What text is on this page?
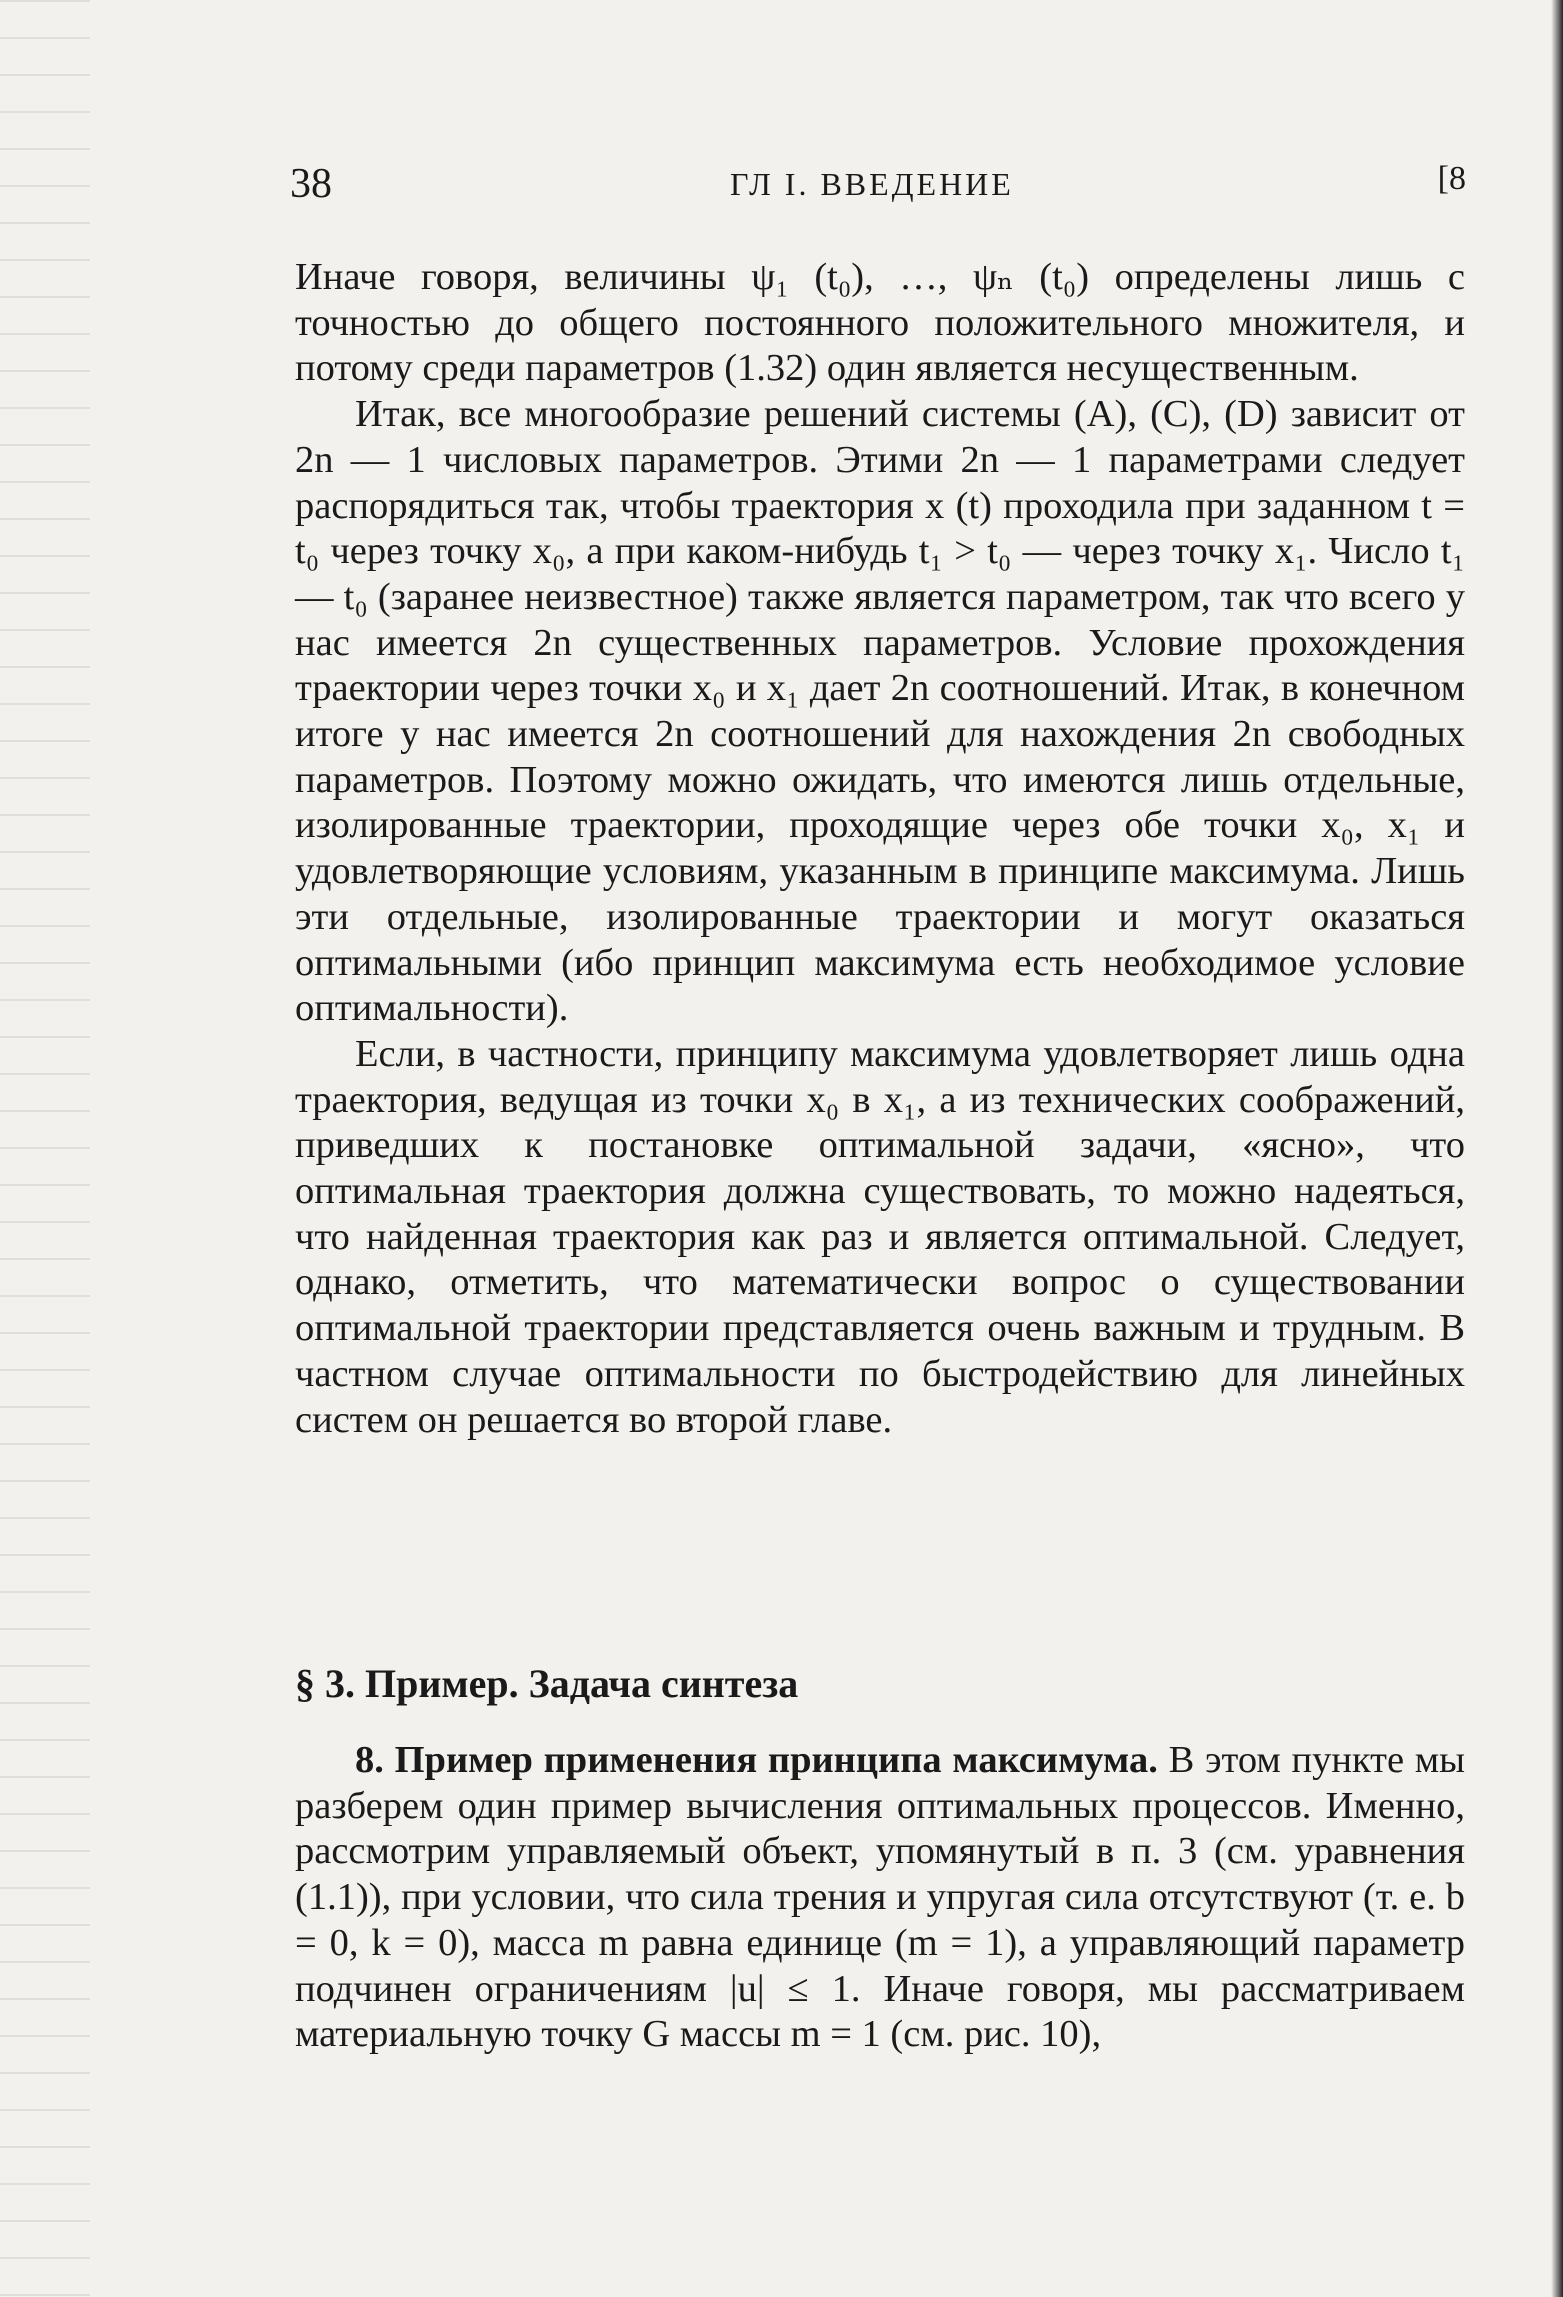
38	ГЛ І. ВВЕДЕНИЕ	[8

Иначе говоря, величины ψ₁ (t₀), …, ψₙ (t₀) определены лишь с точностью до общего постоянного положительного множителя, и потому среди параметров (1.32) один является несущественным.

Итак, все многообразие решений системы (А), (С), (D) зависит от 2n — 1 числовых параметров. Этими 2n — 1 параметрами следует распорядиться так, чтобы траектория x (t) проходила при заданном t = t₀ через точку x₀, а при каком-нибудь t₁ > t₀ — через точку x₁. Число t₁ — t₀ (заранее неизвестное) также является параметром, так что всего у нас имеется 2n существенных параметров. Условие прохождения траектории через точки x₀ и x₁ дает 2n соотношений. Итак, в конечном итоге у нас имеется 2n соотношений для нахождения 2n свободных параметров. Поэтому можно ожидать, что имеются лишь отдельные, изолированные траектории, проходящие через обе точки x₀, x₁ и удовлетворяющие условиям, указанным в принципе максимума. Лишь эти отдельные, изолированные траектории и могут оказаться оптимальными (ибо принцип максимума есть необходимое условие оптимальности).

Если, в частности, принципу максимума удовлетворяет лишь одна траектория, ведущая из точки x₀ в x₁, а из технических соображений, приведших к постановке оптимальной задачи, «ясно», что оптимальная траектория должна существовать, то можно надеяться, что найденная траектория как раз и является оптимальной. Следует, однако, отметить, что математически вопрос о существовании оптимальной траектории представляется очень важным и трудным. В частном случае оптимальности по быстродействию для линейных систем он решается во второй главе.

§ 3. Пример. Задача синтеза

8. Пример применения принципа максимума. В этом пункте мы разберем один пример вычисления оптимальных процессов. Именно, рассмотрим управляемый объект, упомянутый в п. 3 (см. уравнения (1.1)), при условии, что сила трения и упругая сила отсутствуют (т. е. b = 0, k = 0), масса m равна единице (m = 1), а управляющий параметр подчинен ограничениям |u| ≤ 1. Иначе говоря, мы рассматриваем материальную точку G массы m = 1 (см. рис. 10),
